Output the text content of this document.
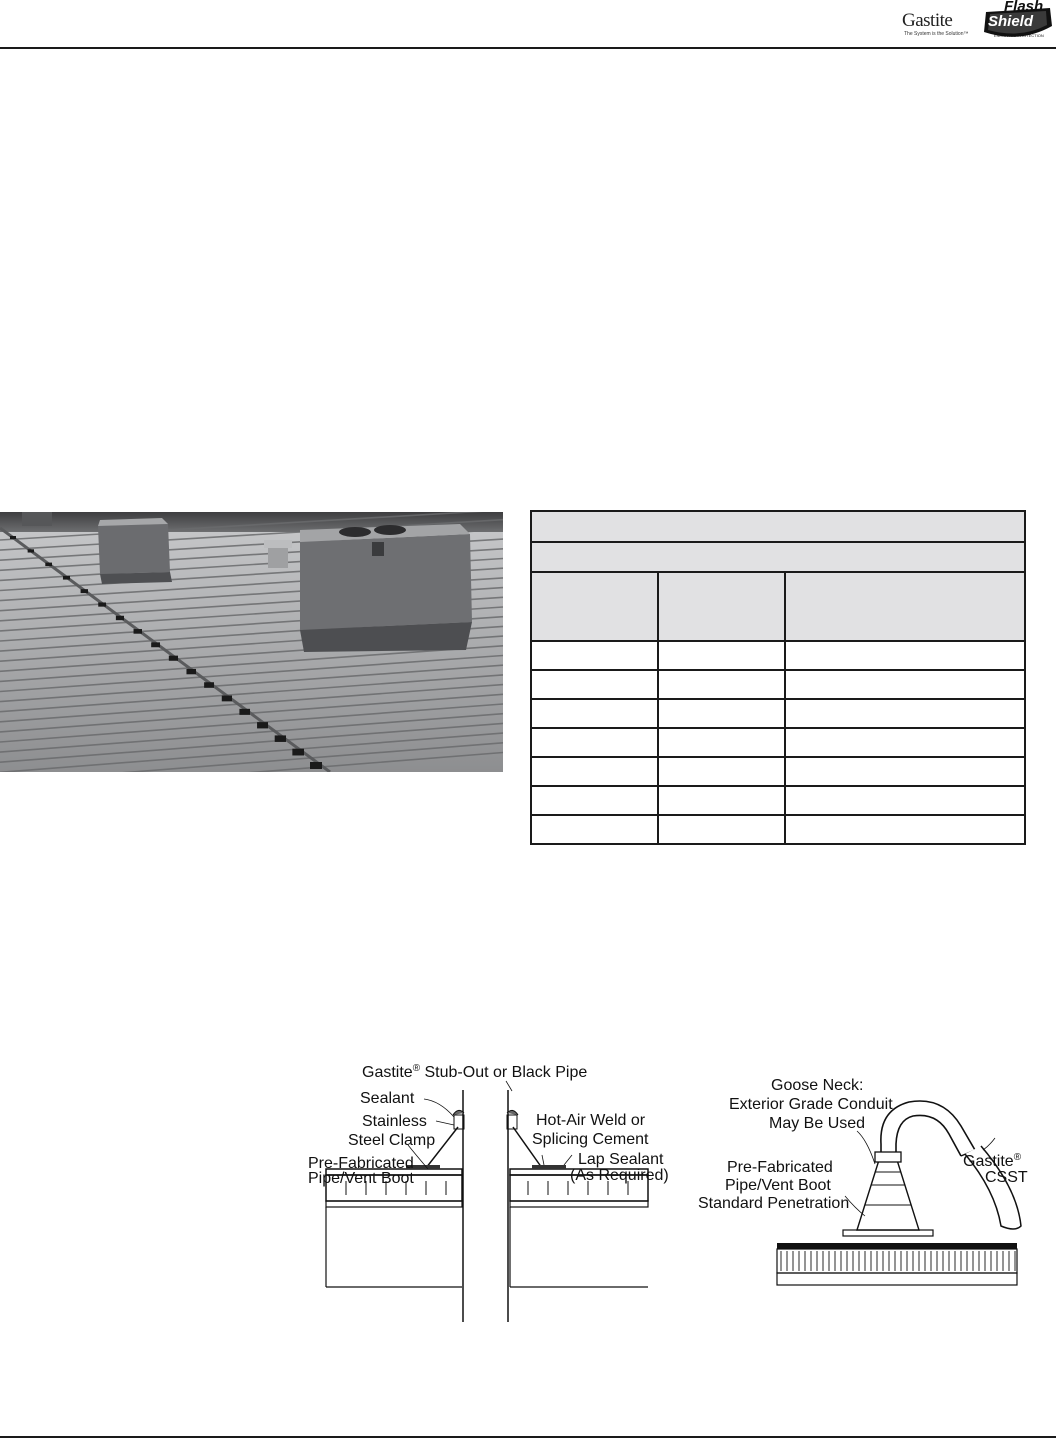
Gastite
The System is the Solution™
Flash
Shield
ENHANCED PROTECTION

Gastite® Stub-Out or Black Pipe
Sealant
Stainless
Steel Clamp
Pre-Fabricated
Pipe/Vent Boot
Hot-Air Weld or
Splicing Cement
Lap Sealant
(As Required)
Goose Neck:
Exterior Grade Conduit
May Be Used
Pre-Fabricated
Pipe/Vent Boot
Standard Penetration
Gastite®
CSST
